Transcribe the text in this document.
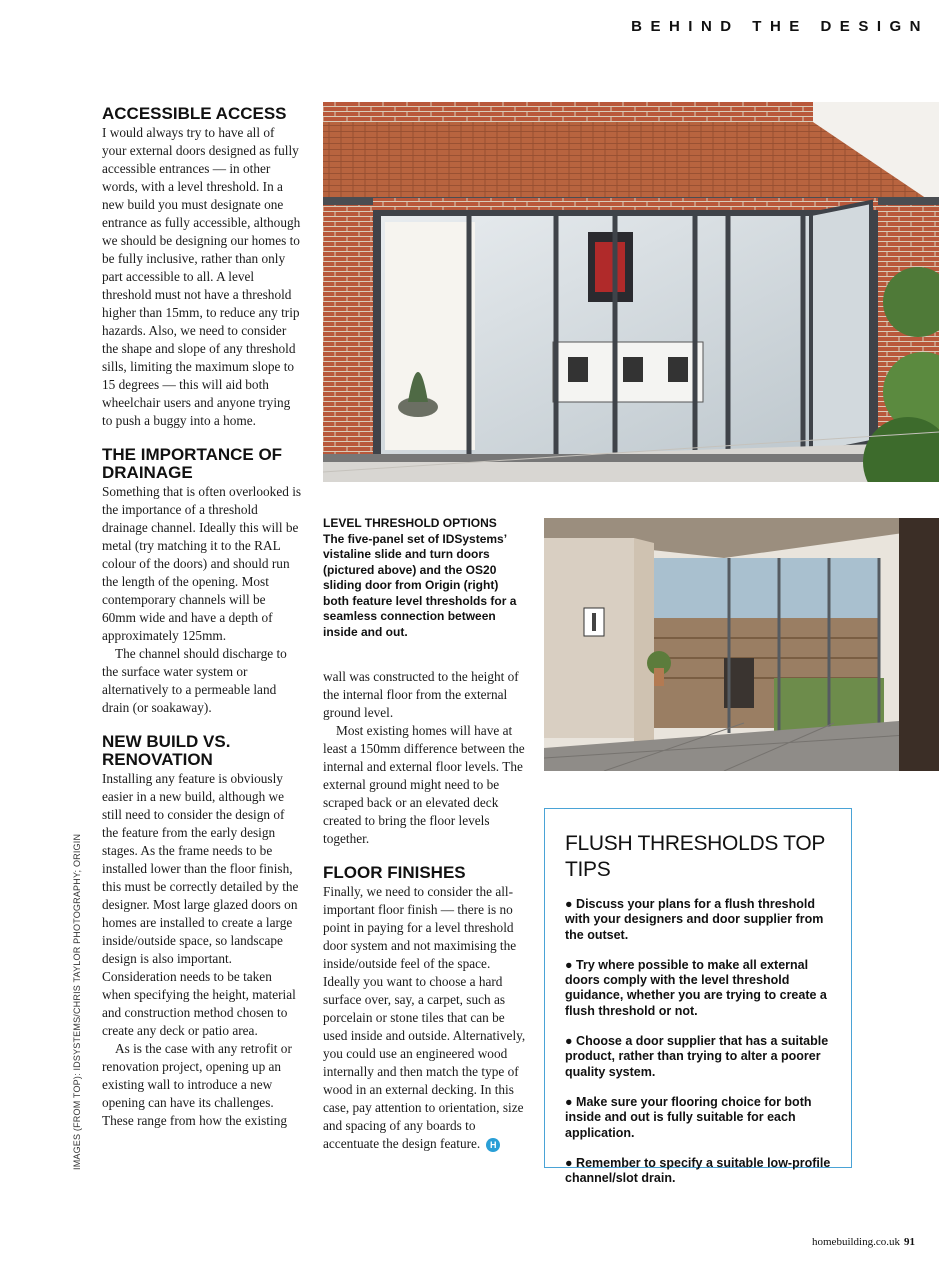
BEHIND THE DESIGN
ACCESSIBLE ACCESS

I would always try to have all of your external doors designed as fully accessible entrances — in other words, with a level threshold. In a new build you must designate one entrance as fully accessible, although we should be designing our homes to be fully inclusive, rather than only part accessible to all. A level threshold must not have a threshold higher than 15mm, to reduce any trip hazards. Also, we need to consider the shape and slope of any threshold sills, limiting the maximum slope to 15 degrees — this will aid both wheelchair users and anyone trying to push a buggy into a home.

THE IMPORTANCE OF DRAINAGE

Something that is often overlooked is the importance of a threshold drainage channel. Ideally this will be metal (try matching it to the RAL colour of the doors) and should run the length of the opening. Most contemporary channels will be 60mm wide and have a depth of approximately 125mm.

The channel should discharge to the surface water system or alternatively to a permeable land drain (or soakaway).

NEW BUILD VS. RENOVATION

Installing any feature is obviously easier in a new build, although we still need to consider the design of the feature from the early design stages. As the frame needs to be installed lower than the floor finish, this must be correctly detailed by the designer. Most large glazed doors on homes are installed to create a large inside/outside space, so landscape design is also important. Consideration needs to be taken when specifying the height, material and construction method chosen to create any deck or patio area.

As is the case with any retrofit or renovation project, opening up an existing wall to introduce a new opening can have its challenges. These range from how the existing

wall was constructed to the height of the internal floor from the external ground level.

Most existing homes will have at least a 150mm difference between the internal and external floor levels. The external ground might need to be scraped back or an elevated deck created to bring the floor levels together.

FLOOR FINISHES

Finally, we need to consider the all-important floor finish — there is no point in paying for a level threshold door system and not maximising the inside/outside feel of the space. Ideally you want to choose a hard surface over, say, a carpet, such as porcelain or stone tiles that can be used inside and outside. Alternatively, you could use an engineered wood internally and then match the type of wood in an external decking. In this case, pay attention to orientation, size and spacing of any boards to accentuate the design feature. H

LEVEL THRESHOLD OPTIONS
The five-panel set of IDSystems’ vistaline slide and turn doors (pictured above) and the OS20 sliding door from Origin (right) both feature level thresholds for a seamless connection between inside and out.
FLUSH THRESHOLDS TOP TIPS

● Discuss your plans for a flush threshold with your designers and door supplier from the outset.

● Try where possible to make all external doors comply with the level threshold guidance, whether you are trying to create a flush threshold or not.

● Choose a door supplier that has a suitable product, rather than trying to alter a poorer quality system.

● Make sure your flooring choice for both inside and out is fully suitable for each application.

● Remember to specify a suitable low-profile channel/slot drain.

IMAGES (FROM TOP): IDSYSTEMS/CHRIS TAYLOR PHOTOGRAPHY; ORIGIN
homebuilding.co.uk 91
